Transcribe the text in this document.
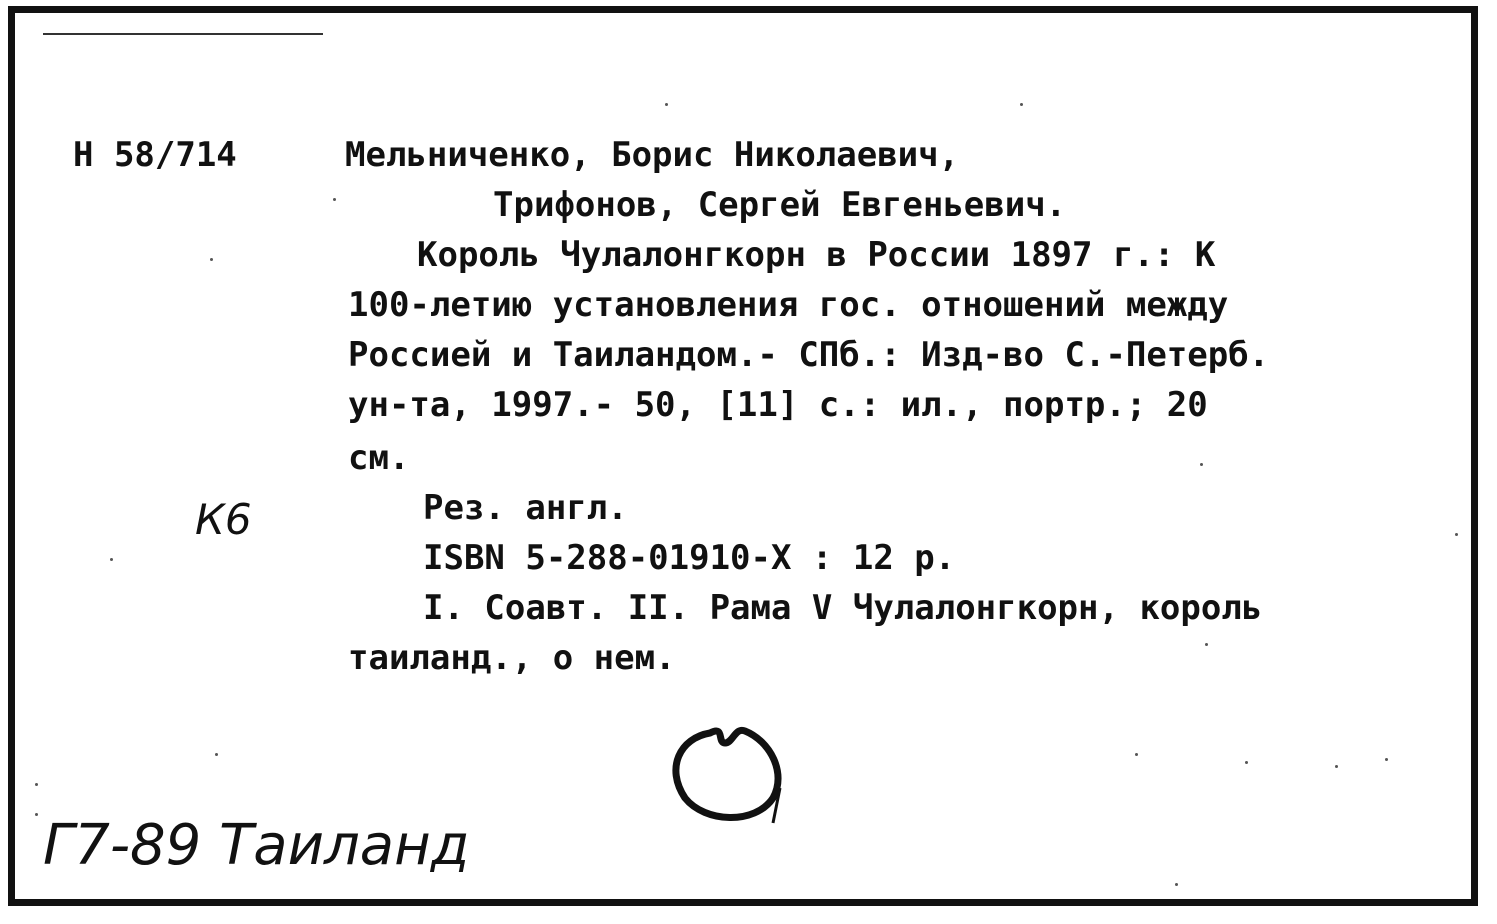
Н 58/714	Мельниченко, Борис Николаевич,
Трифонов, Сергей Евгеньевич.
Король Чулалонгкорн в России 1897 г.: К
100-летию установления гос. отношений между
Россией и Таиландом.- СПб.: Изд-во С.-Петерб.
ун-та, 1997.- 50, [11] с.: ил., портр.; 20
см.
Рез. англ.
ISBN 5-288-01910-X : 12 р.
I. Соавт. II. Рама V Чулалонгкорн, король
таиланд., о нем.
К6
Г7-89 Таиланд
